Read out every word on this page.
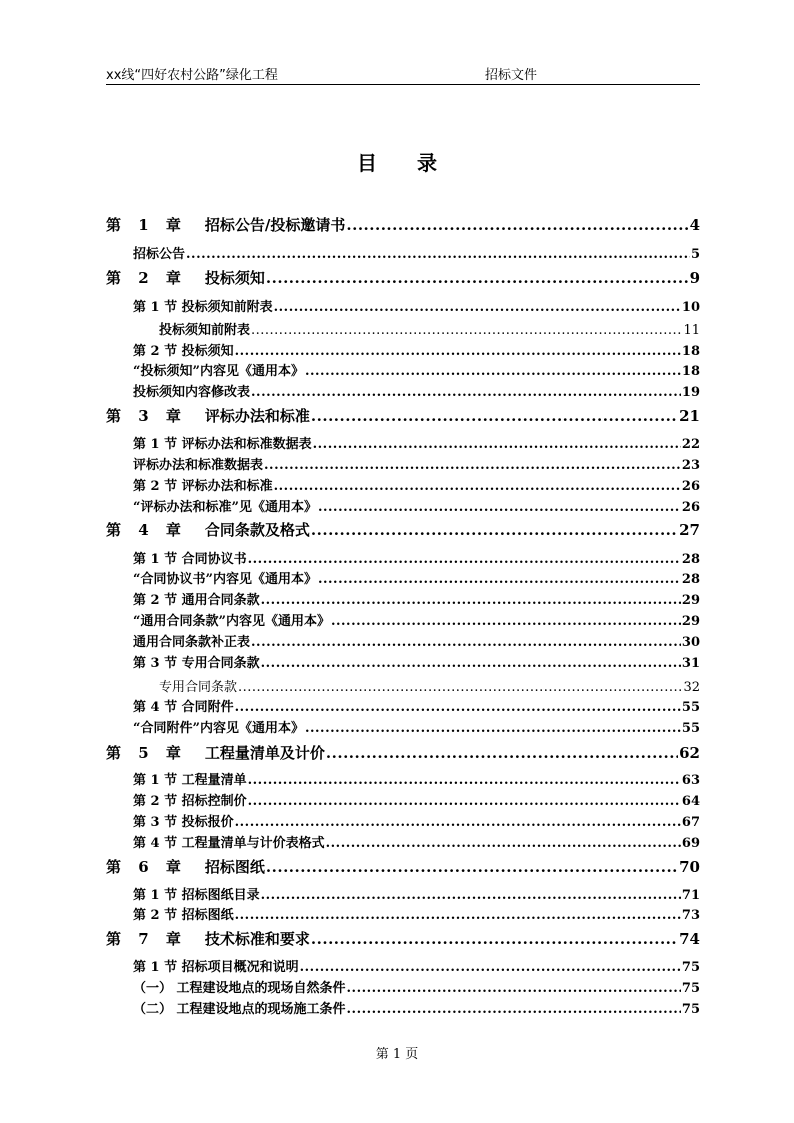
xx线“四好农村公路”绿化工程	招标文件
目录
第 1 章 招标公告/投标邀请书 .....	4
招标公告 .....	5
第 2 章 投标须知 .....	9
第 1 节 投标须知前附表 .....	10
投标须知前附表 .....	11
第 2 节 投标须知 .....	18
“投标须知”内容见《通用本》 .....	18
投标须知内容修改表 .....	19
第 3 章 评标办法和标准 .....	21
第 1 节 评标办法和标准数据表 .....	22
评标办法和标准数据表 .....	23
第 2 节 评标办法和标准 .....	26
“评标办法和标准”见《通用本》 .....	26
第 4 章 合同条款及格式 .....	27
第 1 节 合同协议书 .....	28
“合同协议书”内容见《通用本》 .....	28
第 2 节 通用合同条款 .....	29
“通用合同条款”内容见《通用本》 .....	29
通用合同条款补正表 .....	30
第 3 节 专用合同条款 .....	31
专用合同条款 .....	32
第 4 节 合同附件 .....	55
“合同附件”内容见《通用本》 .....	55
第 5 章 工程量清单及计价 .....	62
第 1 节 工程量清单 .....	63
第 2 节 招标控制价 .....	64
第 3 节 投标报价 .....	67
第 4 节 工程量清单与计价表格式 .....	69
第 6 章 招标图纸 .....	70
第 1 节 招标图纸目录 .....	71
第 2 节 招标图纸 .....	73
第 7 章 技术标准和要求 .....	74
第 1 节 招标项目概况和说明 .....	75
（一） 工程建设地点的现场自然条件 .....	75
（二） 工程建设地点的现场施工条件 .....	75
第 1 页
